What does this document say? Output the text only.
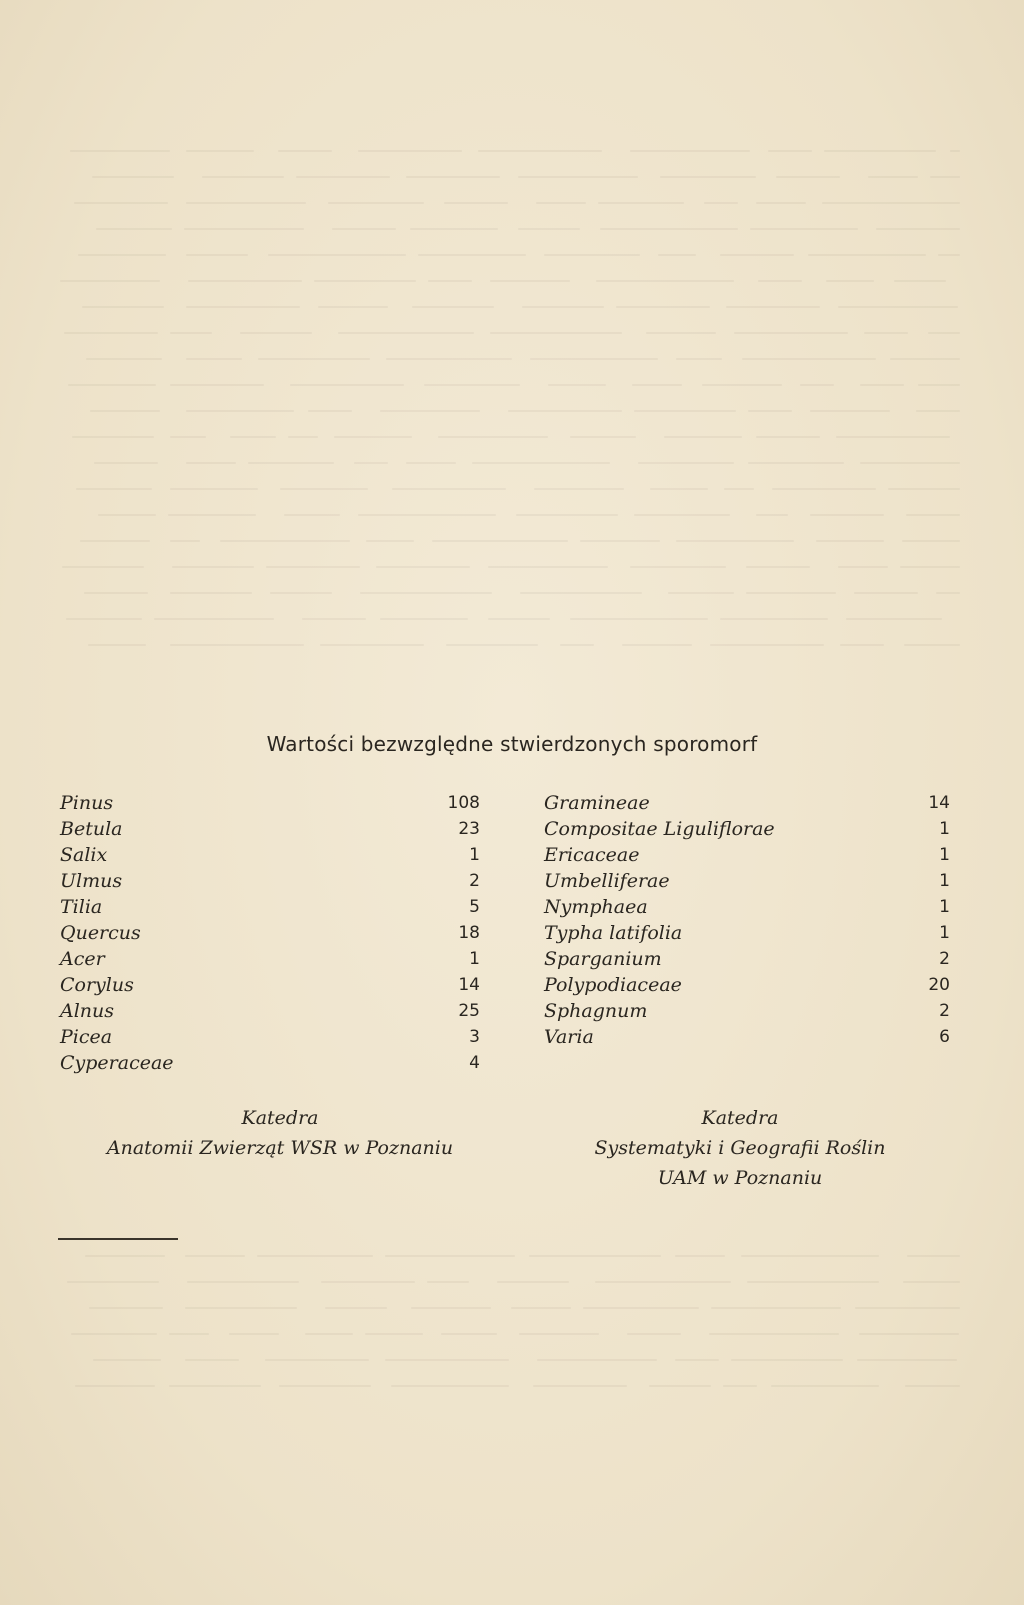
Wartości bezwzględne stwierdzonych sporomorf
Pinus	108
Betula	23
Salix	1
Ulmus	2
Tilia	5
Quercus	18
Acer	1
Corylus	14
Alnus	25
Picea	3
Cyperaceae	4
Gramineae	14
Compositae Liguliflorae	1
Ericaceae	1
Umbelliferae	1
Nymphaea	1
Typha latifolia	1
Sparganium	2
Polypodiaceae	20
Sphagnum	2
Varia	6
Katedra
Anatomii Zwierząt WSR w Poznaniu
Katedra
Systematyki i Geografii Roślin
UAM w Poznaniu
